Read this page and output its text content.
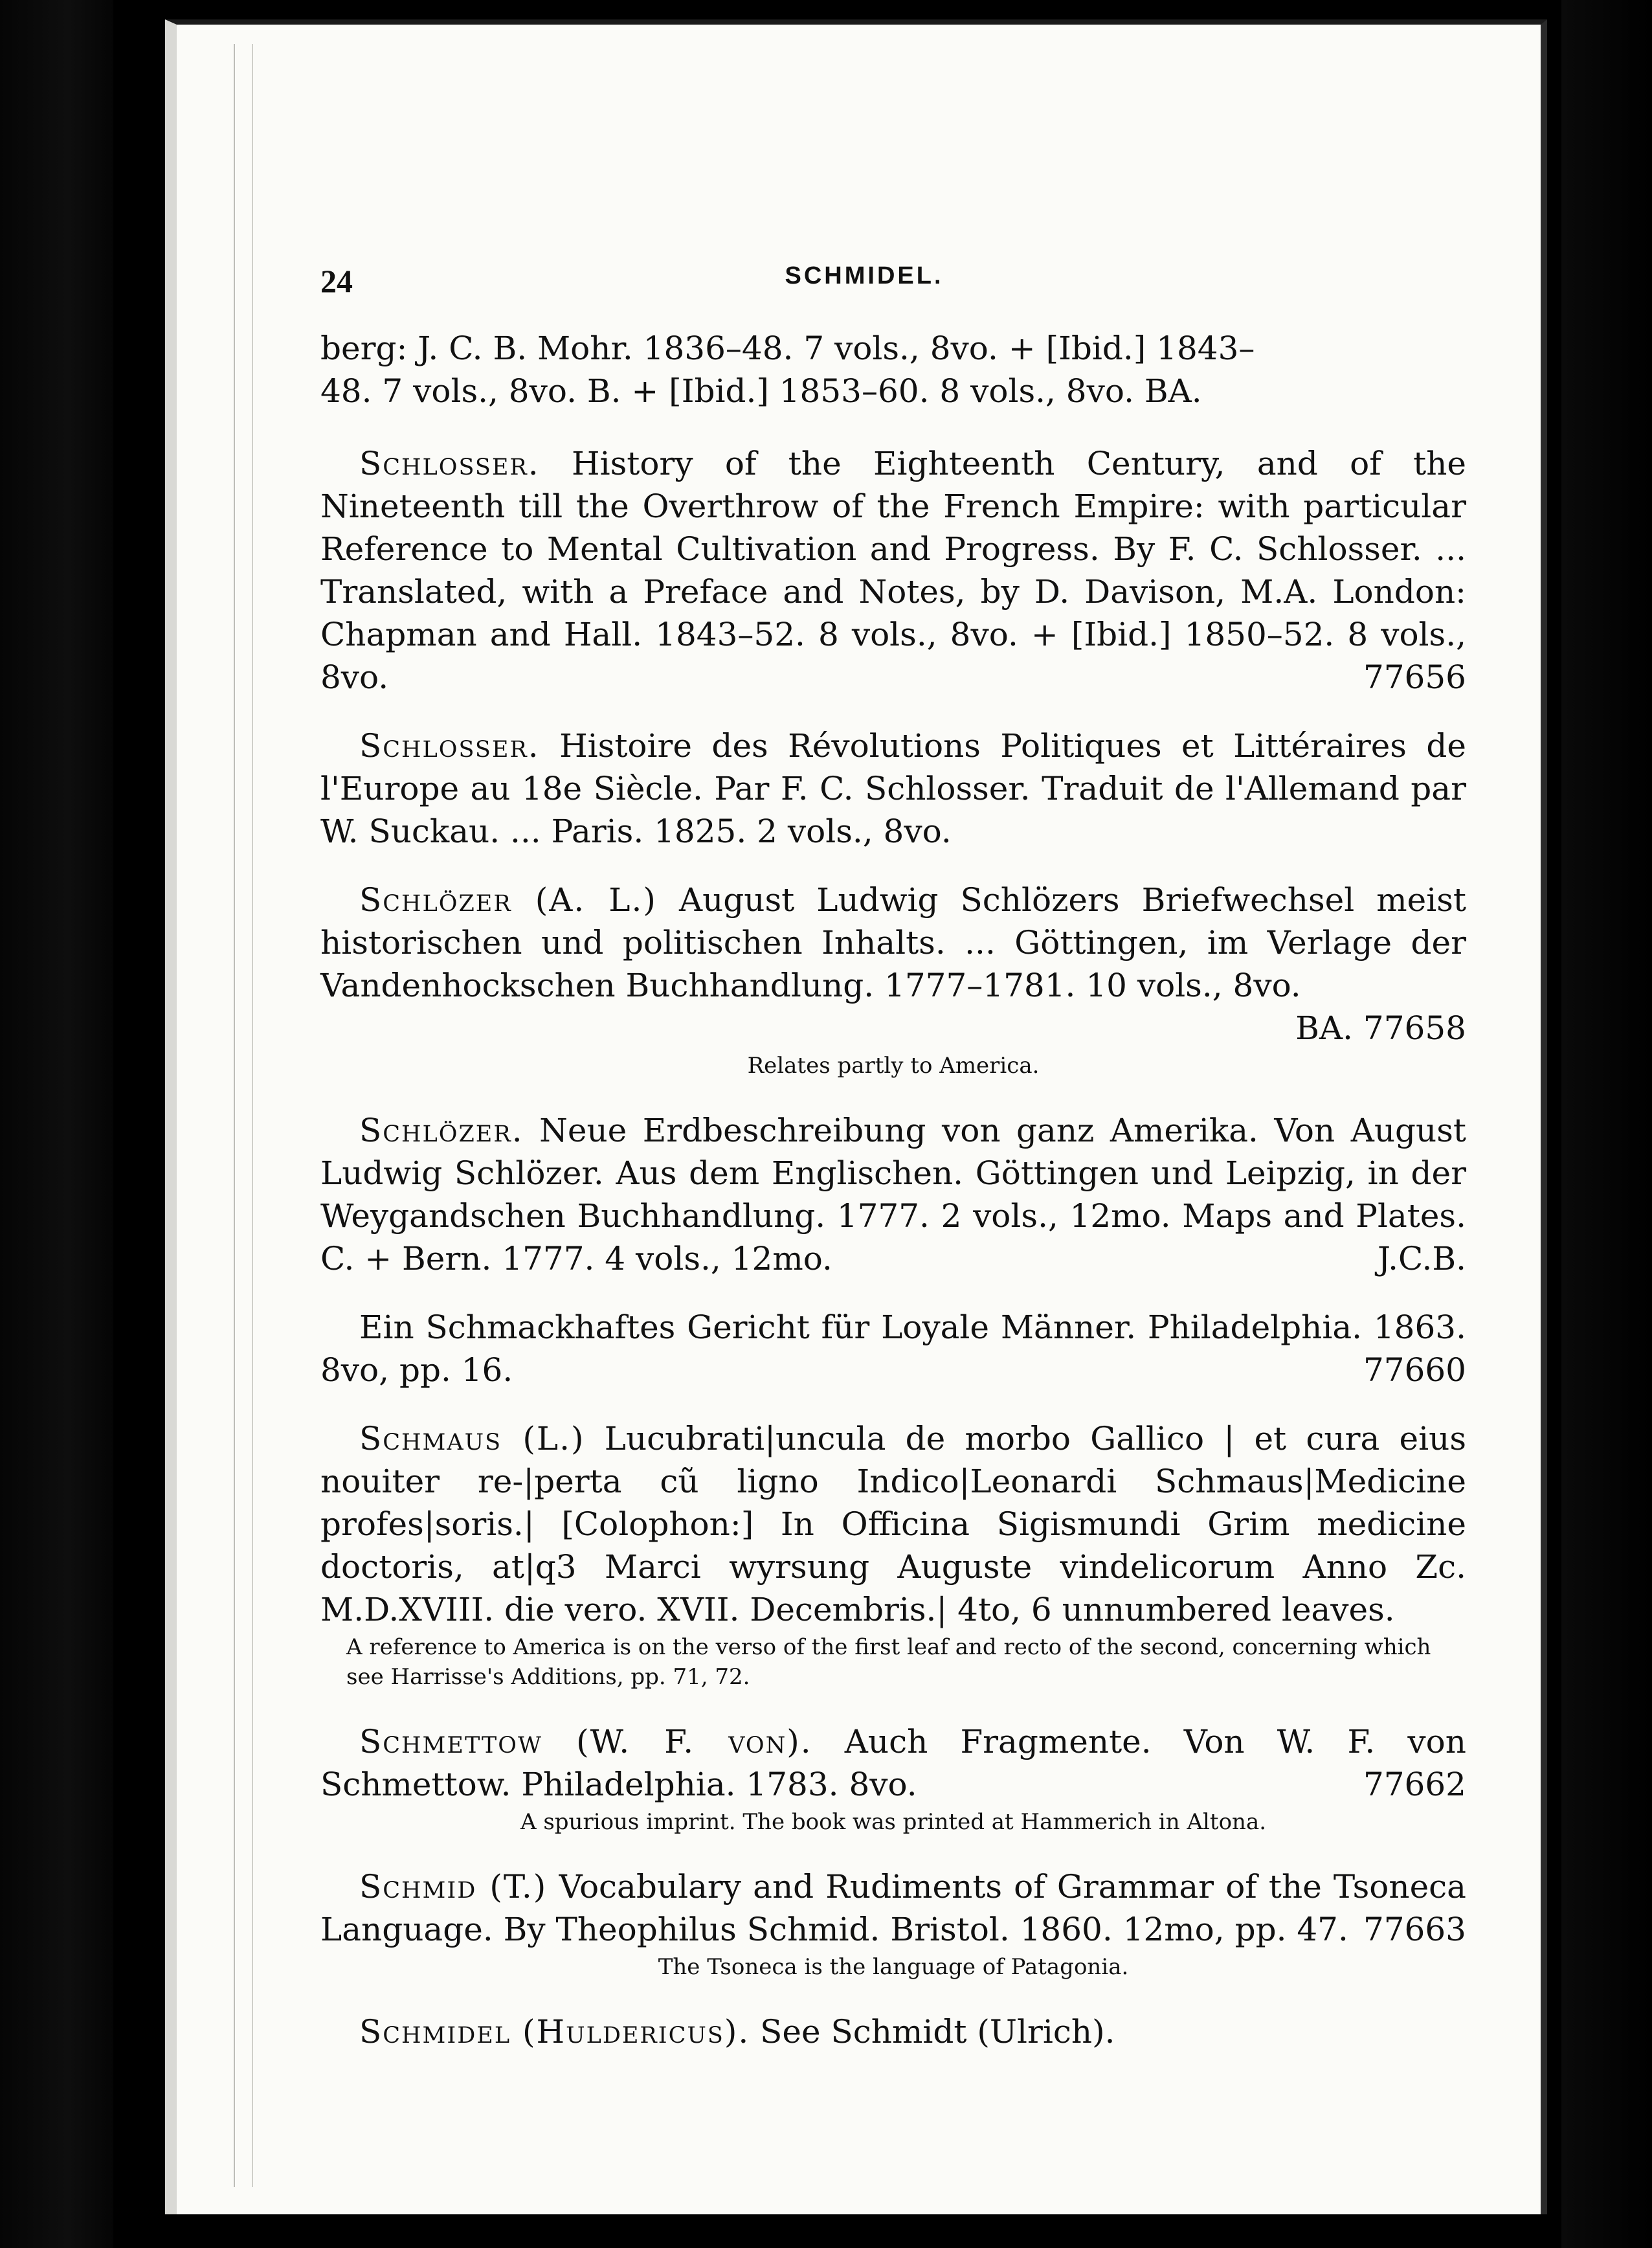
24	SCHMIDEL.
berg: J. C. B. Mohr. 1836–48. 7 vols., 8vo. + [Ibid.] 1843–
48. 7 vols., 8vo. B. + [Ibid.] 1853–60. 8 vols., 8vo. BA.
Schlosser. History of the Eighteenth Century, and of the Nineteenth till the Overthrow of the French Empire: with particular Reference to Mental Cultivation and Progress. By F. C. Schlosser. ... Translated, with a Preface and Notes, by D. Davison, M.A. London: Chapman and Hall. 1843–52. 8 vols., 8vo. + [Ibid.] 1850–52. 8 vols., 8vo.	77656
Schlosser. Histoire des Révolutions Politiques et Littéraires de l'Europe au 18e Siècle. Par F. C. Schlosser. Traduit de l'Allemand par W. Suckau. ... Paris. 1825. 2 vols., 8vo.
Schlözer (A. L.) August Ludwig Schlözers Briefwechsel meist historischen und politischen Inhalts. ... Göttingen, im Verlage der Vandenhockschen Buchhandlung. 1777–1781. 10 vols., 8vo.
BA. 77658
Relates partly to America.
Schlözer. Neue Erdbeschreibung von ganz Amerika. Von August Ludwig Schlözer. Aus dem Englischen. Göttingen und Leipzig, in der Weygandschen Buchhandlung. 1777. 2 vols., 12mo. Maps and Plates. C. + Bern. 1777. 4 vols., 12mo.	J.C.B.
Ein Schmackhaftes Gericht für Loyale Männer. Philadelphia. 1863. 8vo, pp. 16.	77660
Schmaus (L.) Lucubrati|uncula de morbo Gallico | et cura eius nouiter re-|perta cũ ligno Indico|Leonardi Schmaus|Medicine profes|soris.| [Colophon:] In Officina Sigismundi Grim medicine doctoris, at|q3 Marci wyrsung Auguste vindelicorum Anno Zc. M.D.XVIII. die vero. XVII. Decembris.| 4to, 6 unnumbered leaves.
A reference to America is on the verso of the first leaf and recto of the second, concerning which see Harrisse's Additions, pp. 71, 72.
Schmettow (W. F. von). Auch Fragmente. Von W. F. von Schmettow. Philadelphia. 1783. 8vo.	77662
A spurious imprint. The book was printed at Hammerich in Altona.
Schmid (T.) Vocabulary and Rudiments of Grammar of the Tsoneca Language. By Theophilus Schmid. Bristol. 1860. 12mo, pp. 47. 77663
The Tsoneca is the language of Patagonia.
Schmidel (Huldericus). See Schmidt (Ulrich).
